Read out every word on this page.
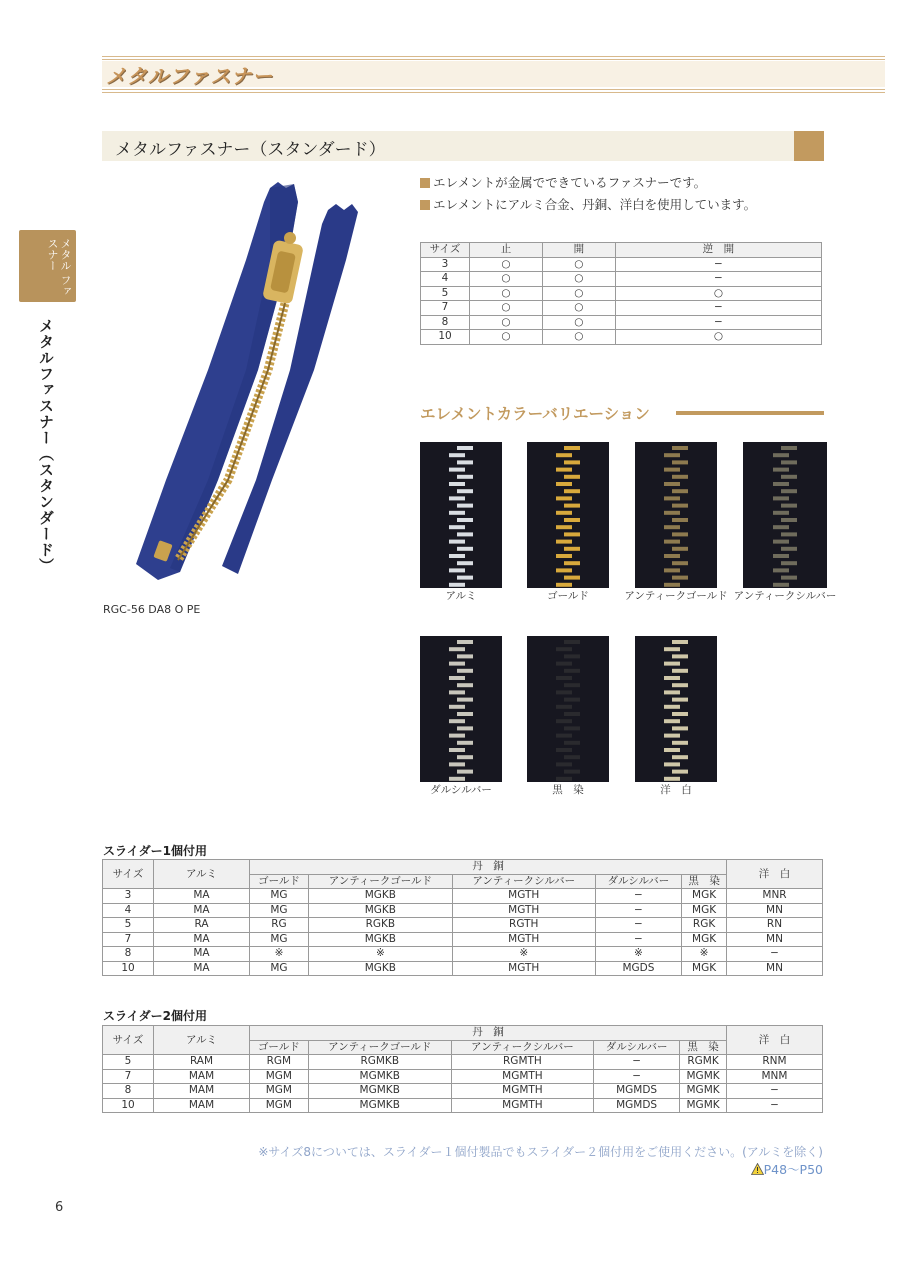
メタルファスナー
メタルファスナー（スタンダード）
メタル ファスナー
メタルファスナー（スタンダード）
RGC-56 DA8 O PE
エレメントが金属でできているファスナーです。
エレメントにアルミ合金、丹銅、洋白を使用しています。
サイズ	止	開	逆　開
3	○	○	−
4	○	○	−
5	○	○	○
7	○	○	−
8	○	○	−
10	○	○	○
エレメントカラーバリエーション
アルミ	ゴールド	アンティークゴールド アンティークシルバー
ダルシルバー	黒　染	洋　白
スライダー1個付用
サイズ	アルミ	丹　銅					洋　白
		ゴールド	アンティークゴールド	アンティークシルバー	ダルシルバー	黒　染	
3	MA	MG	MGKB	MGTH	−	MGK	MNR
4	MA	MG	MGKB	MGTH	−	MGK	MN
5	RA	RG	RGKB	RGTH	−	RGK	RN
7	MA	MG	MGKB	MGTH	−	MGK	MN
8	MA	※	※	※	※	※	−
10	MA	MG	MGKB	MGTH	MGDS	MGK	MN
スライダー2個付用
サイズ	アルミ	丹　銅					洋　白
		ゴールド	アンティークゴールド	アンティークシルバー	ダルシルバー	黒　染	
5	RAM	RGM	RGMKB	RGMTH	−	RGMK	RNM
7	MAM	MGM	MGMKB	MGMTH	−	MGMK	MNM
8	MAM	MGM	MGMKB	MGMTH	MGMDS	MGMK	−
10	MAM	MGM	MGMKB	MGMTH	MGMDS	MGMK	−
※サイズ8については、スライダー１個付製品でもスライダー２個付用をご使用ください。(アルミを除く)
P48〜P50
6
